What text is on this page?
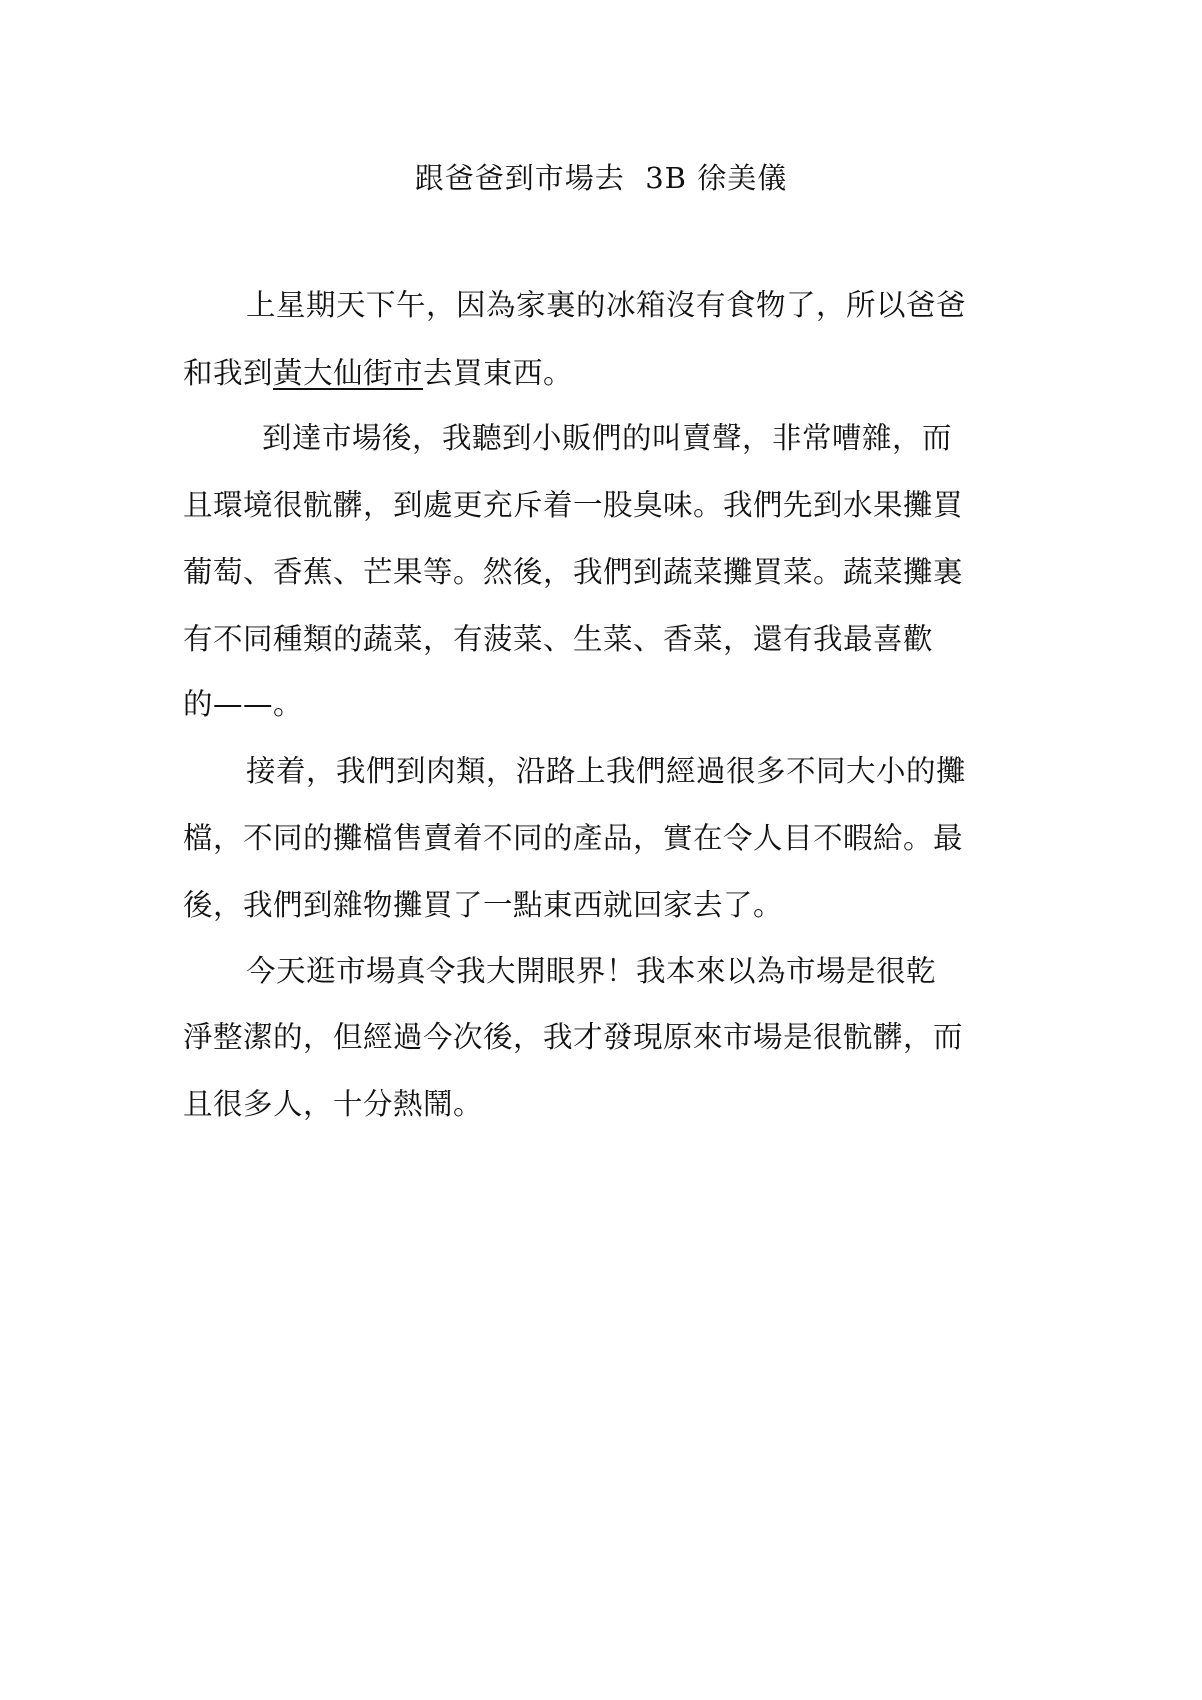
跟爸爸到市場去 3B 徐美儀
上星期天下午，因為家裏的冰箱沒有食物了，所以爸爸
和我到黃大仙街市去買東西。
到達市場後，我聽到小販們的叫賣聲，非常嘈雜，而
且環境很骯髒，到處更充斥着一股臭味。我們先到水果攤買
葡萄、香蕉、芒果等。然後，我們到蔬菜攤買菜。蔬菜攤裏
有不同種類的蔬菜，有菠菜、生菜、香菜，還有我最喜歡
的——。
接着，我們到肉類，沿路上我們經過很多不同大小的攤
檔，不同的攤檔售賣着不同的產品，實在令人目不暇給。最
後，我們到雜物攤買了一點東西就回家去了。
今天逛市場真令我大開眼界！我本來以為市場是很乾
淨整潔的，但經過今次後，我才發現原來市場是很骯髒，而
且很多人，十分熱鬧。
